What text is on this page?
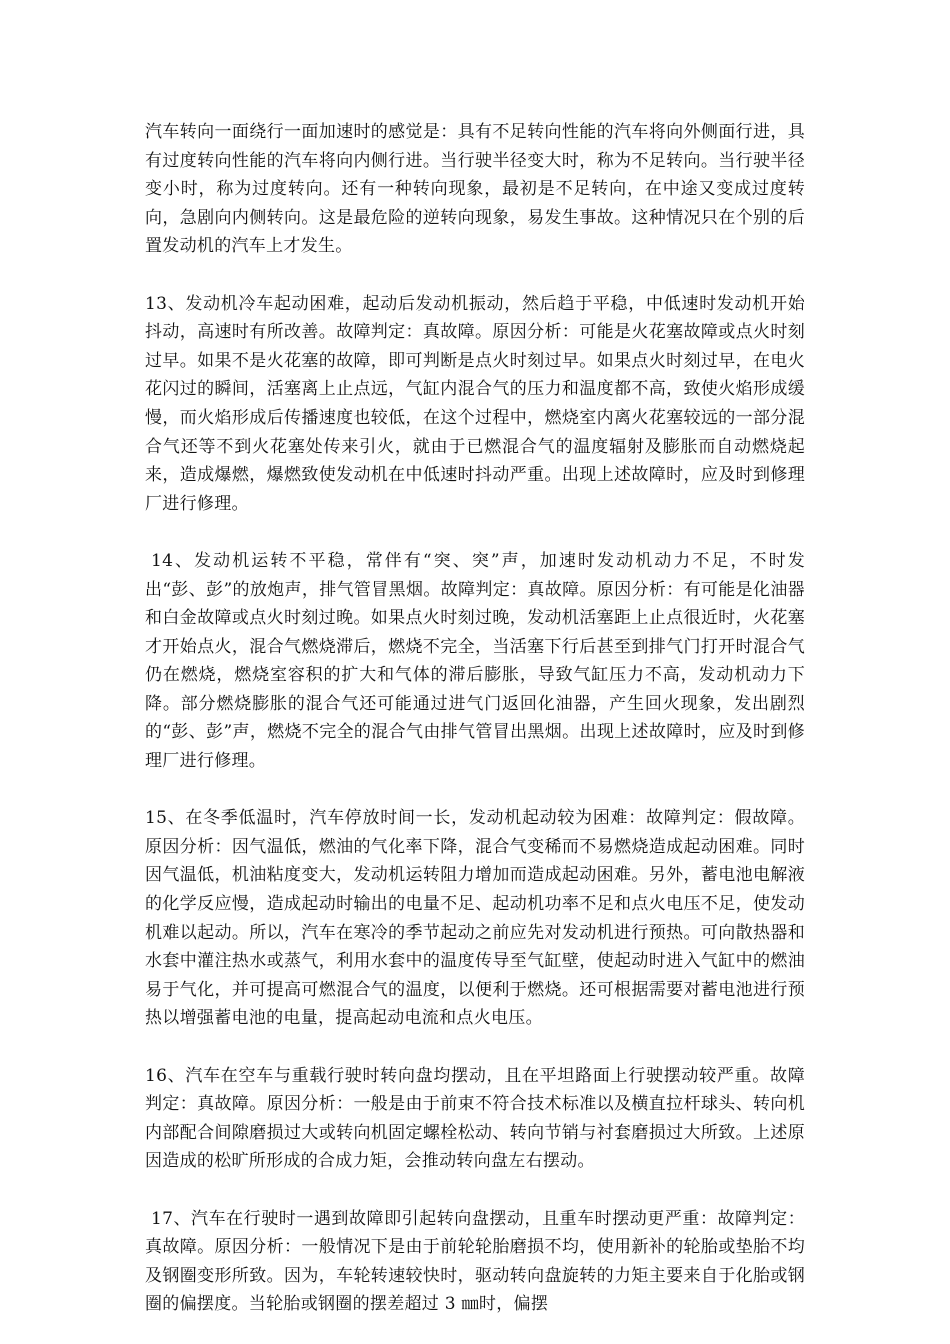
汽车转向一面绕行一面加速时的感觉是：具有不足转向性能的汽车将向外侧面行进，具有过度转向性能的汽车将向内侧行进。当行驶半径变大时，称为不足转向。当行驶半径变小时，称为过度转向。还有一种转向现象，最初是不足转向，在中途又变成过度转向，急剧向内侧转向。这是最危险的逆转向现象，易发生事故。这种情况只在个别的后置发动机的汽车上才发生。

13、发动机冷车起动困难，起动后发动机振动，然后趋于平稳，中低速时发动机开始抖动，高速时有所改善。故障判定：真故障。原因分析：可能是火花塞故障或点火时刻过早。如果不是火花塞的故障，即可判断是点火时刻过早。如果点火时刻过早，在电火花闪过的瞬间，活塞离上止点远，气缸内混合气的压力和温度都不高，致使火焰形成缓慢，而火焰形成后传播速度也较低，在这个过程中，燃烧室内离火花塞较远的一部分混合气还等不到火花塞处传来引火，就由于已燃混合气的温度辐射及膨胀而自动燃烧起来，造成爆燃，爆燃致使发动机在中低速时抖动严重。出现上述故障时，应及时到修理厂进行修理。

14、发动机运转不平稳，常伴有“突、突”声，加速时发动机动力不足，不时发出“彭、彭”的放炮声，排气管冒黑烟。故障判定：真故障。原因分析：有可能是化油器和白金故障或点火时刻过晚。如果点火时刻过晚，发动机活塞距上止点很近时，火花塞才开始点火，混合气燃烧滞后，燃烧不完全，当活塞下行后甚至到排气门打开时混合气仍在燃烧，燃烧室容积的扩大和气体的滞后膨胀，导致气缸压力不高，发动机动力下降。部分燃烧膨胀的混合气还可能通过进气门返回化油器，产生回火现象，发出剧烈的“彭、彭”声，燃烧不完全的混合气由排气管冒出黑烟。出现上述故障时，应及时到修理厂进行修理。

15、在冬季低温时，汽车停放时间一长，发动机起动较为困难：故障判定：假故障。原因分析：因气温低，燃油的气化率下降，混合气变稀而不易燃烧造成起动困难。同时因气温低，机油粘度变大，发动机运转阻力增加而造成起动困难。另外，蓄电池电解液的化学反应慢，造成起动时输出的电量不足、起动机功率不足和点火电压不足，使发动机难以起动。所以，汽车在寒冷的季节起动之前应先对发动机进行预热。可向散热器和水套中灌注热水或蒸气，利用水套中的温度传导至气缸壁，使起动时进入气缸中的燃油易于气化，并可提高可燃混合气的温度，以便利于燃烧。还可根据需要对蓄电池进行预热以增强蓄电池的电量，提高起动电流和点火电压。

16、汽车在空车与重载行驶时转向盘均摆动，且在平坦路面上行驶摆动较严重。故障判定：真故障。原因分析：一般是由于前束不符合技术标准以及横直拉杆球头、转向机内部配合间隙磨损过大或转向机固定螺栓松动、转向节销与衬套磨损过大所致。上述原因造成的松旷所形成的合成力矩，会推动转向盘左右摆动。

17、汽车在行驶时一遇到故障即引起转向盘摆动，且重车时摆动更严重：故障判定：真故障。原因分析：一般情况下是由于前轮轮胎磨损不均，使用新补的轮胎或垫胎不均及钢圈变形所致。因为，车轮转速较快时，驱动转向盘旋转的力矩主要来自于化胎或钢圈的偏摆度。当轮胎或钢圈的摆差超过 3 ㎜时，偏摆
